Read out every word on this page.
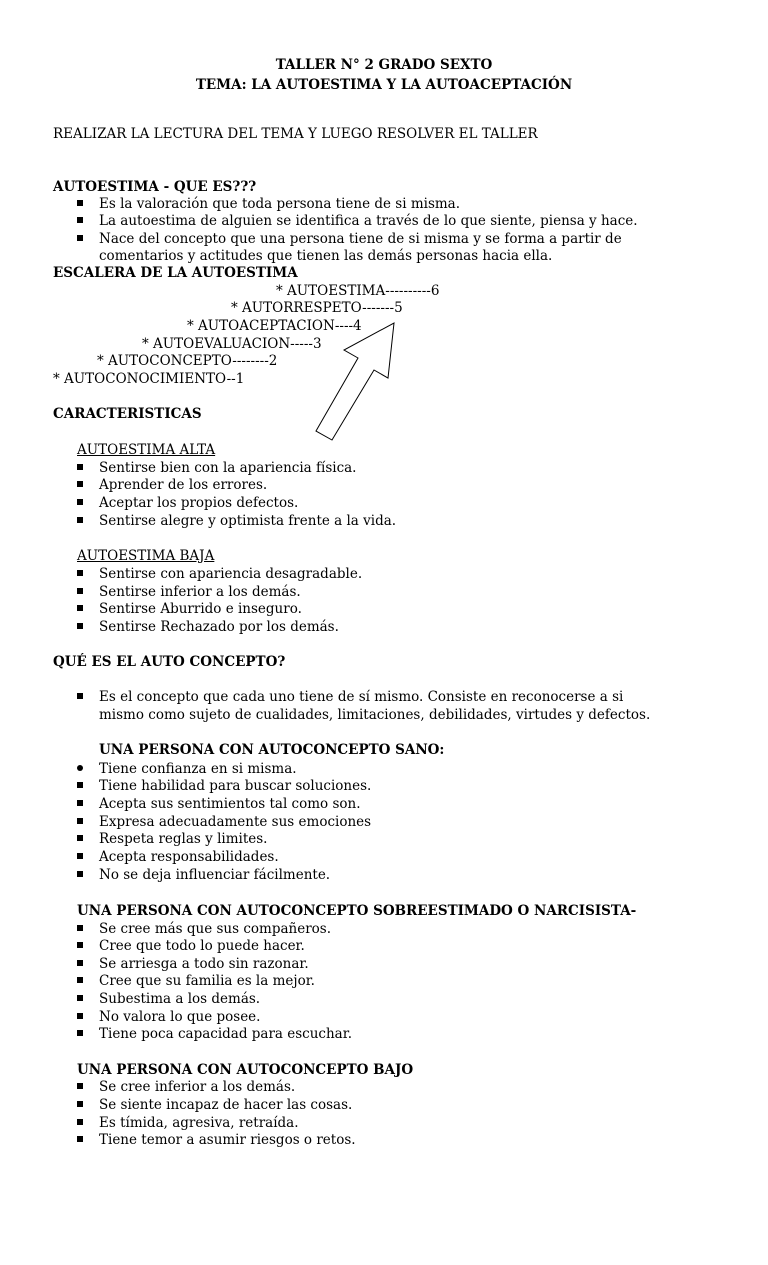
TALLER N° 2 GRADO SEXTO
TEMA: LA AUTOESTIMA Y LA AUTOACEPTACIÓN
REALIZAR LA LECTURA DEL TEMA Y LUEGO RESOLVER EL TALLER
AUTOESTIMA - QUE ES???
Es la valoración que toda persona tiene de si misma.
La autoestima de alguien se identifica a través de lo que siente, piensa y hace.
Nace del concepto que una persona tiene de si misma y se forma a partir de
comentarios y actitudes que tienen las demás personas hacia ella.
ESCALERA DE LA AUTOESTIMA
* AUTOESTIMA----------6
* AUTORRESPETO-------5
* AUTOACEPTACION----4
* AUTOEVALUACION-----3
* AUTOCONCEPTO--------2
* AUTOCONOCIMIENTO--1
CARACTERISTICAS
AUTOESTIMA ALTA
Sentirse bien con la apariencia física.
Aprender de los errores.
Aceptar los propios defectos.
Sentirse alegre y optimista frente a la vida.
AUTOESTIMA BAJA
Sentirse con apariencia desagradable.
Sentirse inferior a los demás.
Sentirse Aburrido e inseguro.
Sentirse Rechazado por los demás.
QUÉ ES EL AUTO CONCEPTO?
Es el concepto que cada uno tiene de sí mismo. Consiste en reconocerse a si
mismo como sujeto de cualidades, limitaciones, debilidades, virtudes y defectos.
UNA PERSONA CON AUTOCONCEPTO SANO:
Tiene confianza en si misma.
Tiene habilidad para buscar soluciones.
Acepta sus sentimientos tal como son.
Expresa adecuadamente sus emociones
Respeta reglas y limites.
Acepta responsabilidades.
No se deja influenciar fácilmente.
UNA PERSONA CON AUTOCONCEPTO SOBREESTIMADO O NARCISISTA-
Se cree más que sus compañeros.
Cree que todo lo puede hacer.
Se arriesga a todo sin razonar.
Cree que su familia es la mejor.
Subestima a los demás.
No valora lo que posee.
Tiene poca capacidad para escuchar.
UNA PERSONA CON AUTOCONCEPTO BAJO
Se cree inferior a los demás.
Se siente incapaz de hacer las cosas.
Es tímida, agresiva, retraída.
Tiene temor a asumir riesgos o retos.
